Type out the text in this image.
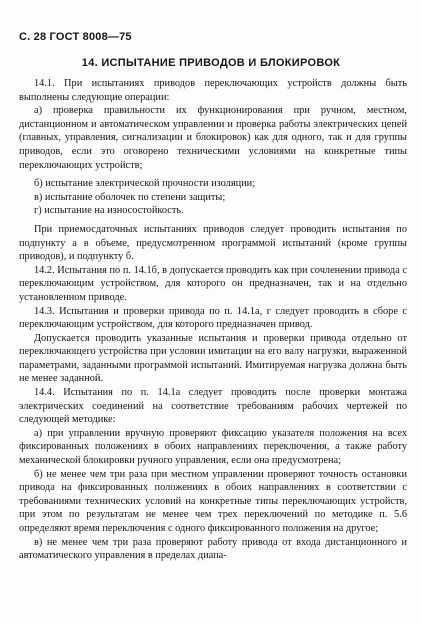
С. 28 ГОСТ 8008—75
14. ИСПЫТАНИЕ ПРИВОДОВ И БЛОКИРОВОК

14.1. При испытаниях приводов переключающих устройств должны быть выполнены следующие операции:

а) проверка правильности их функционирования при ручном, местном, дистанционном и автоматическом управлении и проверка работы электрических цепей (главных, управления, сигнализации и блокировок) как для одного, так и для группы приводов, если это оговорено техническими условиями на конкретные типы переключающих устройств;

б) испытание электрической прочности изоляции;

в) испытание оболочек по степени защиты;

г) испытание на износостойкость.

При приемосдаточных испытаниях приводов следует проводить испытания по подпункту а в объеме, предусмотренном программой испытаний (кроме группы приводов), и подпункту б.

14.2. Испытания по п. 14.1б, в допускается проводить как при сочленении привода с переключающим устройством, для которого он предназначен, так и на отдельно установленном приводе.

14.3. Испытания и проверки привода по п. 14.1а, г следует проводить в сборе с переключающим устройством, для которого предназначен привод.

Допускается проводить указанные испытания и проверки привода отдельно от переключающего устройства при условии имитации на его валу нагрузки, выраженной параметрами, заданными программой испытаний. Имитируемая нагрузка должна быть не менее заданной.

14.4. Испытания по п. 14.1а следует проводить после проверки монтажа электрических соединений на соответствие требованиям рабочих чертежей по следующей методике:

а) при управлении вручную проверяют фиксацию указателя положения на всех фиксированных положениях в обоих направлениях переключения, а также работу механической блокировки ручного управления, если она предусмотрена;

б) не менее чем три раза при местном управлении проверяют точность остановки привода на фиксированных положениях в обоих направлениях в соответствии с требованиями технических условий на конкретные типы переключающих устройств, при этом по результатам не менее чем трех переключений по методике п. 5.6 определяют время переключения с одного фиксированного положения на другое;

в) не менее чем три раза проверяют работу привода от входа дистанционного и автоматического управления в пределах диапа-
